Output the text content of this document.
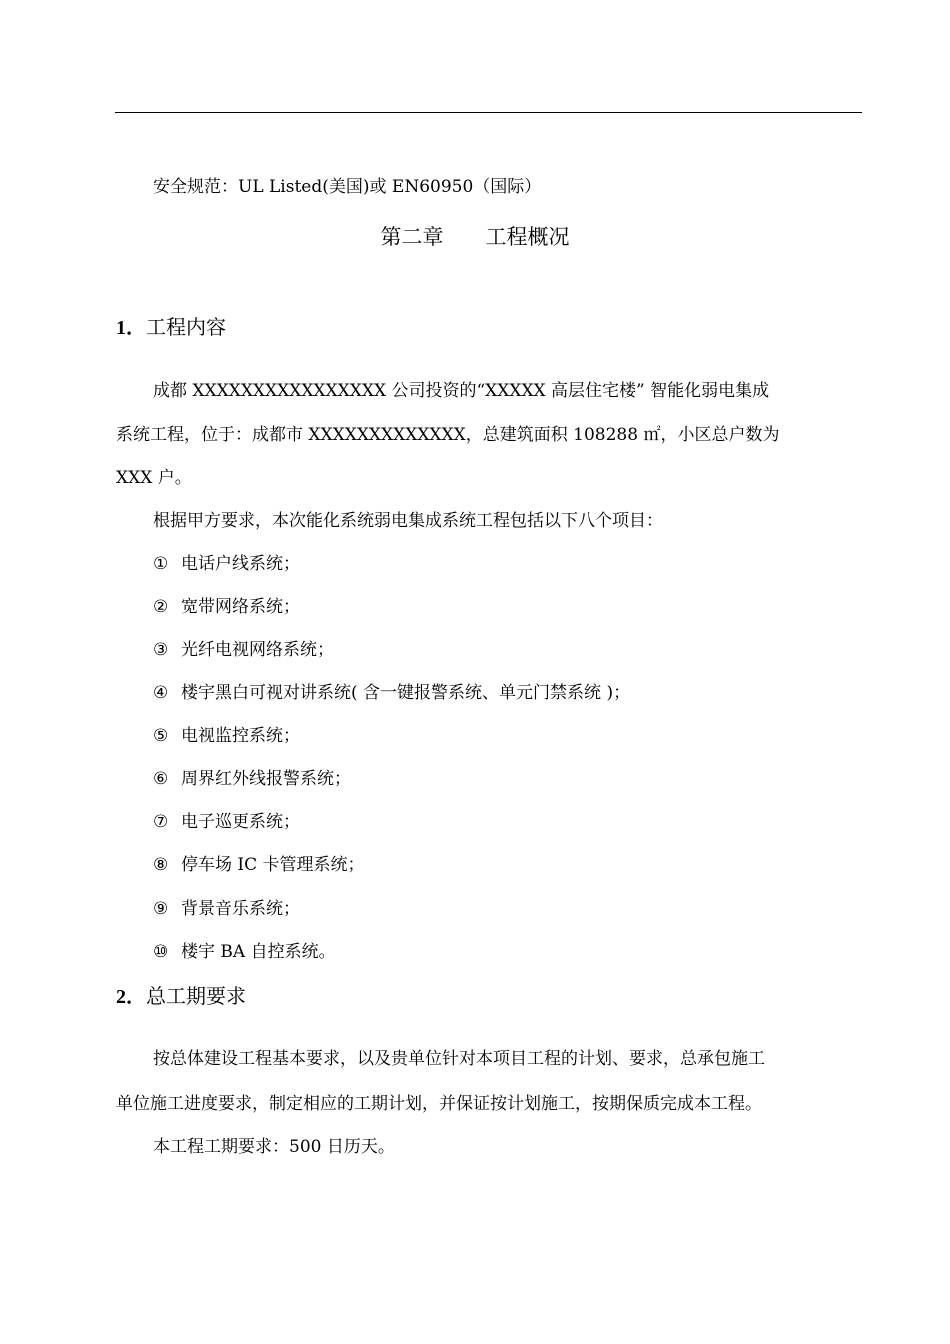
安全规范：UL Listed(美国)或 EN60950（国际）
第二章　　工程概况
1．工程内容
成都 XXXXXXXXXXXXXXXX 公司投资的“XXXXX 高层住宅楼” 智能化弱电集成
系统工程，位于：成都市 XXXXXXXXXXXXX，总建筑面积 108288 ㎡，小区总户数为
XXX 户。
根据甲方要求，本次能化系统弱电集成系统工程包括以下八个项目：
① 电话户线系统；
② 宽带网络系统；
③ 光纤电视网络系统；
④ 楼宇黑白可视对讲系统( 含一键报警系统、单元门禁系统 )；
⑤ 电视监控系统；
⑥ 周界红外线报警系统；
⑦ 电子巡更系统；
⑧ 停车场 IC 卡管理系统；
⑨ 背景音乐系统；
⑩ 楼宇 BA 自控系统。
2．总工期要求
按总体建设工程基本要求，以及贵单位针对本项目工程的计划、要求，总承包施工
单位施工进度要求，制定相应的工期计划，并保证按计划施工，按期保质完成本工程。
本工程工期要求：500 日历天。
